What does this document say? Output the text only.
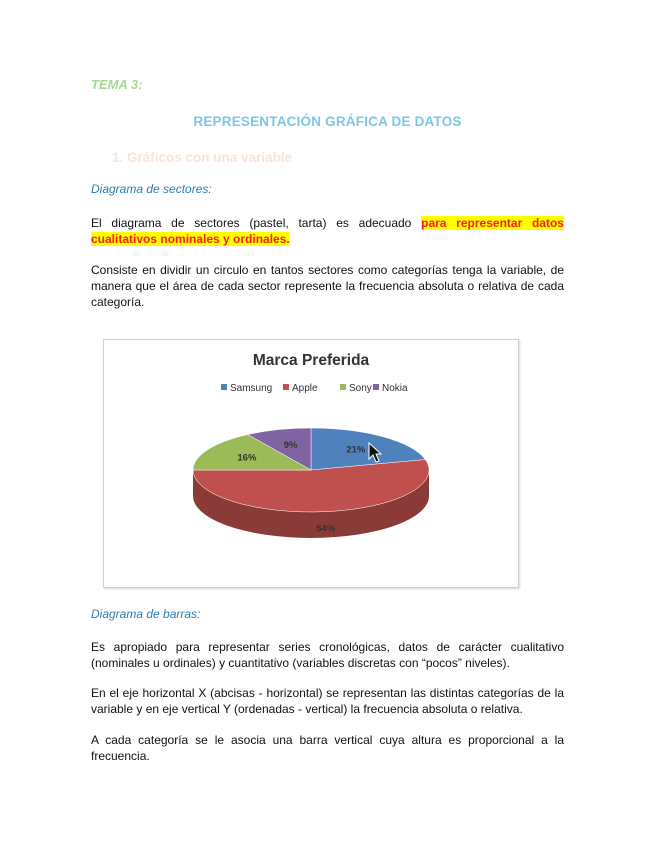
TEMA 3:
REPRESENTACIÓN GRÁFICA DE DATOS
1. Gráficos con una variable
Diagrama de sectores:
El diagrama de sectores (pastel, tarta) es adecuado para representar datos cualitativos nominales y ordinales.
Consiste en dividir un circulo en tantos sectores como categorías tenga la variable, de manera que el área de cada sector represente la frecuencia absoluta o relativa de cada categoría.
Marca Preferida
Samsung Apple	Sony Nokia
21%
54%
16%
9%
Diagrama de barras:
Es apropiado para representar series cronológicas, datos de carácter cualitativo (nominales u ordinales) y cuantitativo (variables discretas con “pocos” niveles).
En el eje horizontal X (abcisas - horizontal) se representan las distintas categorías de la variable y en eje vertical Y (ordenadas - vertical) la frecuencia absoluta o relativa.
A cada categoría se le asocia una barra vertical cuya altura es proporcional a la frecuencia.
